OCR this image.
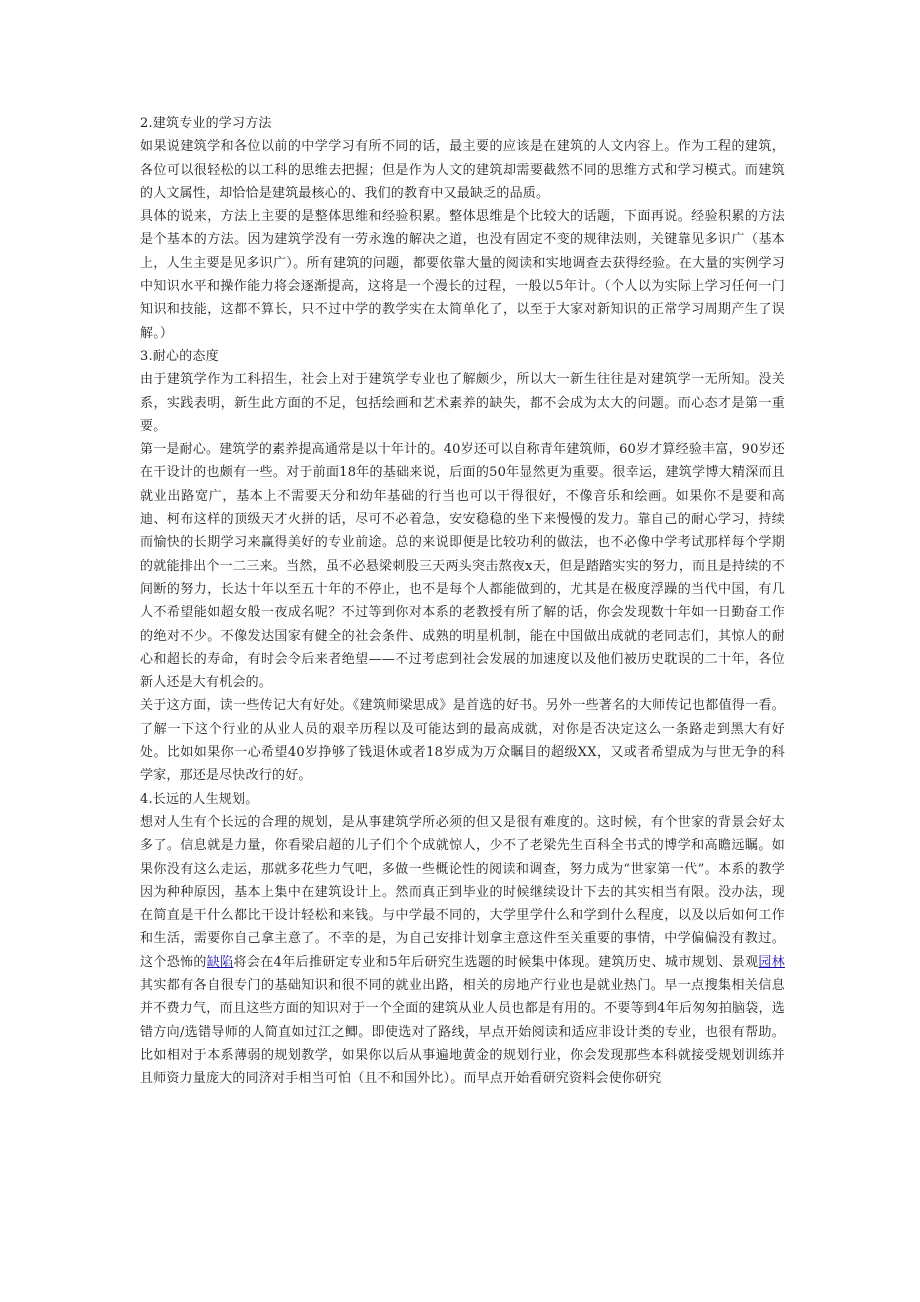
2.建筑专业的学习方法

如果说建筑学和各位以前的中学学习有所不同的话，最主要的应该是在建筑的人文内容上。作为工程的建筑，各位可以很轻松的以工科的思维去把握；但是作为人文的建筑却需要截然不同的思维方式和学习模式。而建筑的人文属性，却恰恰是建筑最核心的、我们的教育中又最缺乏的品质。

具体的说来，方法上主要的是整体思维和经验积累。整体思维是个比较大的话题，下面再说。经验积累的方法是个基本的方法。因为建筑学没有一劳永逸的解决之道，也没有固定不变的规律法则，关键靠见多识广（基本上，人生主要是见多识广）。所有建筑的问题，都要依靠大量的阅读和实地调查去获得经验。在大量的实例学习中知识水平和操作能力将会逐渐提高，这将是一个漫长的过程，一般以5年计。（个人以为实际上学习任何一门知识和技能，这都不算长，只不过中学的教学实在太简单化了，以至于大家对新知识的正常学习周期产生了误解。）

3.耐心的态度

由于建筑学作为工科招生，社会上对于建筑学专业也了解颇少，所以大一新生往往是对建筑学一无所知。没关系，实践表明，新生此方面的不足，包括绘画和艺术素养的缺失，都不会成为太大的问题。而心态才是第一重要。

第一是耐心。建筑学的素养提高通常是以十年计的。40岁还可以自称青年建筑师，60岁才算经验丰富，90岁还在干设计的也颇有一些。对于前面18年的基础来说，后面的50年显然更为重要。很幸运，建筑学博大精深而且就业出路宽广，基本上不需要天分和幼年基础的行当也可以干得很好，不像音乐和绘画。如果你不是要和高迪、柯布这样的顶级天才火拼的话，尽可不必着急，安安稳稳的坐下来慢慢的发力。靠自己的耐心学习，持续而愉快的长期学习来赢得美好的专业前途。总的来说即便是比较功利的做法，也不必像中学考试那样每个学期的就能排出个一二三来。当然，虽不必悬梁刺股三天两头突击熬夜x天，但是踏踏实实的努力，而且是持续的不间断的努力，长达十年以至五十年的不停止，也不是每个人都能做到的，尤其是在极度浮躁的当代中国，有几人不希望能如超女般一夜成名呢？不过等到你对本系的老教授有所了解的话，你会发现数十年如一日勤奋工作的绝对不少。不像发达国家有健全的社会条件、成熟的明星机制，能在中国做出成就的老同志们，其惊人的耐心和超长的寿命，有时会令后来者绝望——不过考虑到社会发展的加速度以及他们被历史耽误的二十年，各位新人还是大有机会的。

关于这方面，读一些传记大有好处。《建筑师梁思成》是首选的好书。另外一些著名的大师传记也都值得一看。了解一下这个行业的从业人员的艰辛历程以及可能达到的最高成就，对你是否决定这么一条路走到黑大有好处。比如如果你一心希望40岁挣够了钱退休或者18岁成为万众瞩目的超级XX，又或者希望成为与世无争的科学家，那还是尽快改行的好。

4.长远的人生规划。

想对人生有个长远的合理的规划，是从事建筑学所必须的但又是很有难度的。这时候，有个世家的背景会好太多了。信息就是力量，你看梁启超的儿子们个个成就惊人，少不了老梁先生百科全书式的博学和高瞻远瞩。如果你没有这么走运，那就多花些力气吧，多做一些概论性的阅读和调查，努力成为“世家第一代”。本系的教学因为种种原因，基本上集中在建筑设计上。然而真正到毕业的时候继续设计下去的其实相当有限。没办法，现在简直是干什么都比干设计轻松和来钱。与中学最不同的，大学里学什么和学到什么程度，以及以后如何工作和生活，需要你自己拿主意了。不幸的是，为自己安排计划拿主意这件至关重要的事情，中学偏偏没有教过。这个恐怖的缺陷将会在4年后推研定专业和5年后研究生选题的时候集中体现。建筑历史、城市规划、景观园林其实都有各自很专门的基础知识和很不同的就业出路，相关的房地产行业也是就业热门。早一点搜集相关信息并不费力气，而且这些方面的知识对于一个全面的建筑从业人员也都是有用的。不要等到4年后匆匆拍脑袋，选错方向/选错导师的人简直如过江之鲫。即使选对了路线，早点开始阅读和适应非设计类的专业，也很有帮助。比如相对于本系薄弱的规划教学，如果你以后从事遍地黄金的规划行业，你会发现那些本科就接受规划训练并且师资力量庞大的同济对手相当可怕（且不和国外比）。而早点开始看研究资料会使你研究
